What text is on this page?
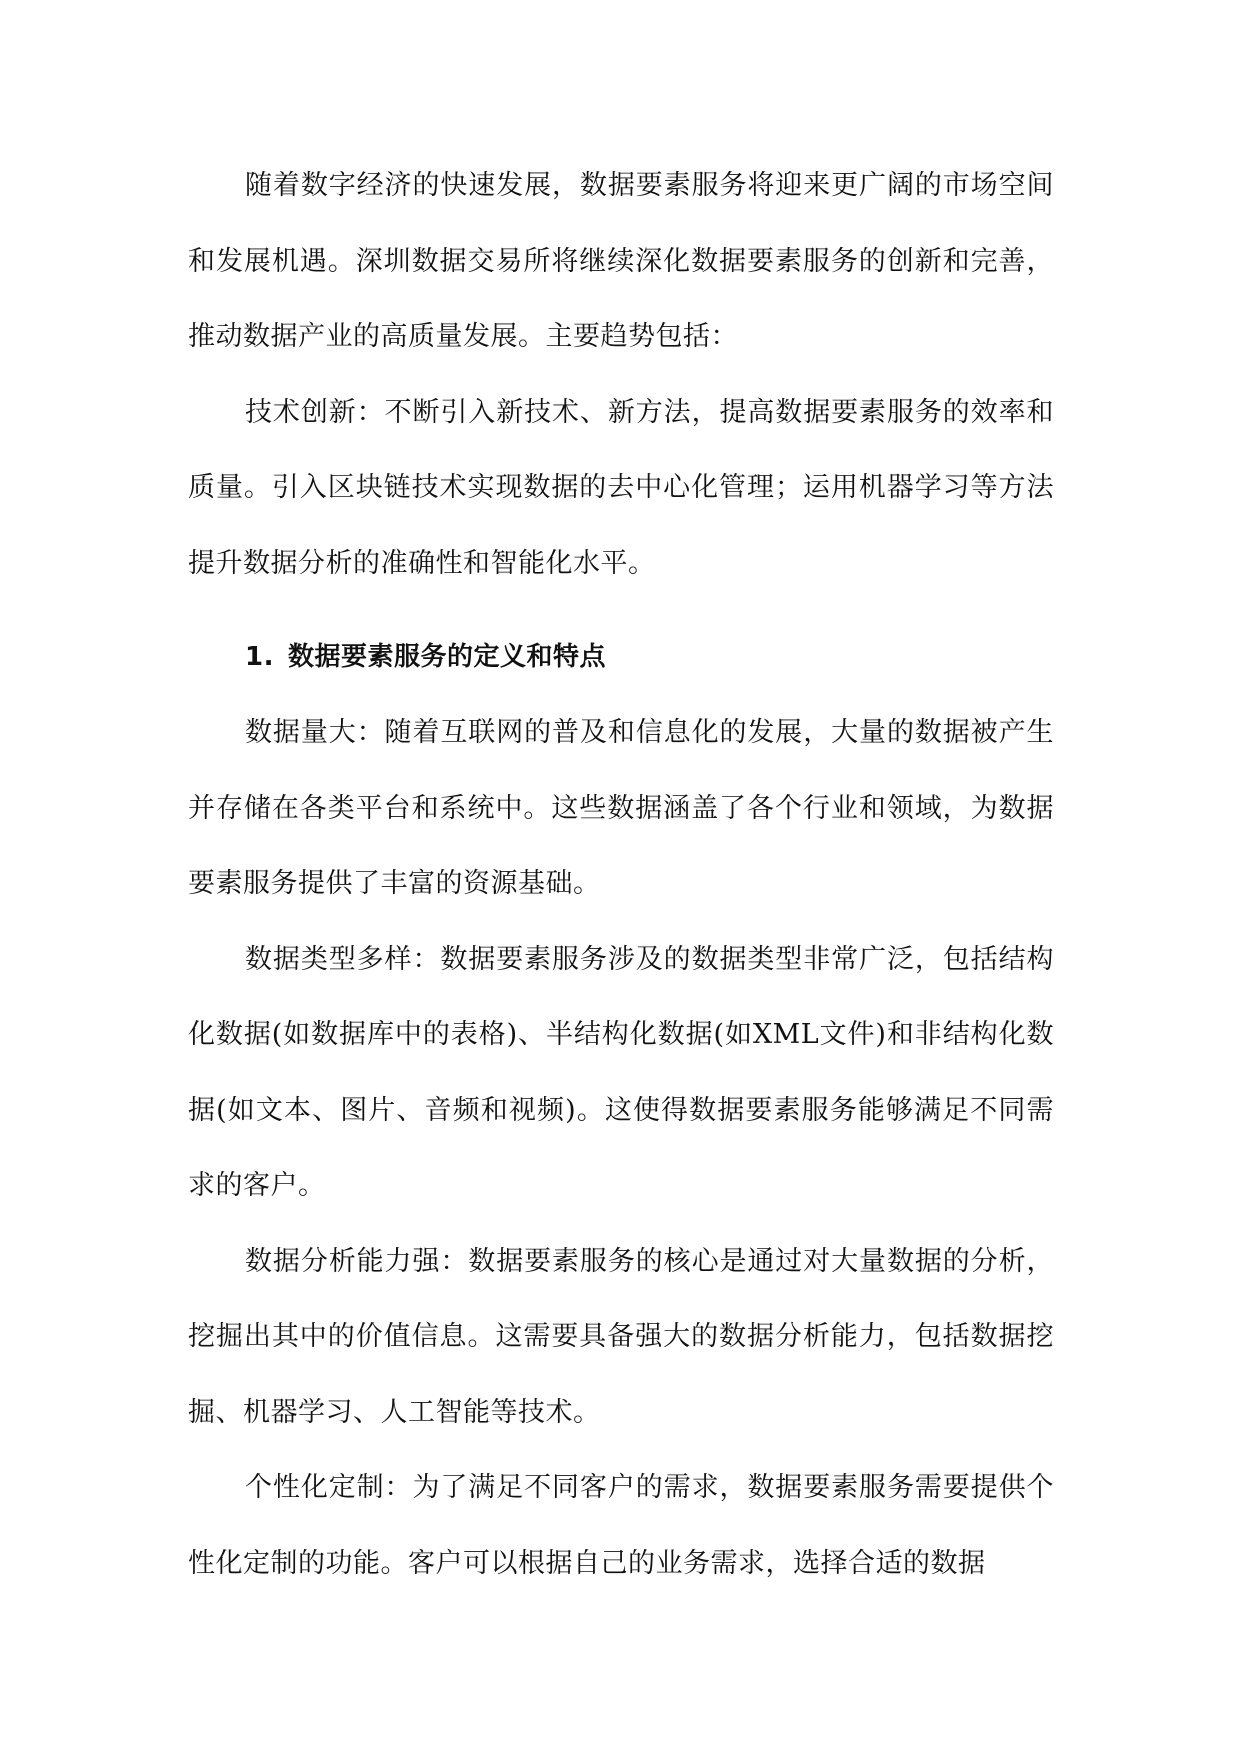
随着数字经济的快速发展，数据要素服务将迎来更广阔的市场空间和发展机遇。深圳数据交易所将继续深化数据要素服务的创新和完善，推动数据产业的高质量发展。主要趋势包括：

技术创新：不断引入新技术、新方法，提高数据要素服务的效率和质量。引入区块链技术实现数据的去中心化管理；运用机器学习等方法提升数据分析的准确性和智能化水平。

1. 数据要素服务的定义和特点

数据量大：随着互联网的普及和信息化的发展，大量的数据被产生并存储在各类平台和系统中。这些数据涵盖了各个行业和领域，为数据要素服务提供了丰富的资源基础。

数据类型多样：数据要素服务涉及的数据类型非常广泛，包括结构化数据(如数据库中的表格)、半结构化数据(如XML文件)和非结构化数据(如文本、图片、音频和视频)。这使得数据要素服务能够满足不同需求的客户。

数据分析能力强：数据要素服务的核心是通过对大量数据的分析，挖掘出其中的价值信息。这需要具备强大的数据分析能力，包括数据挖掘、机器学习、人工智能等技术。

个性化定制：为了满足不同客户的需求，数据要素服务需要提供个性化定制的功能。客户可以根据自己的业务需求，选择合适的数据
